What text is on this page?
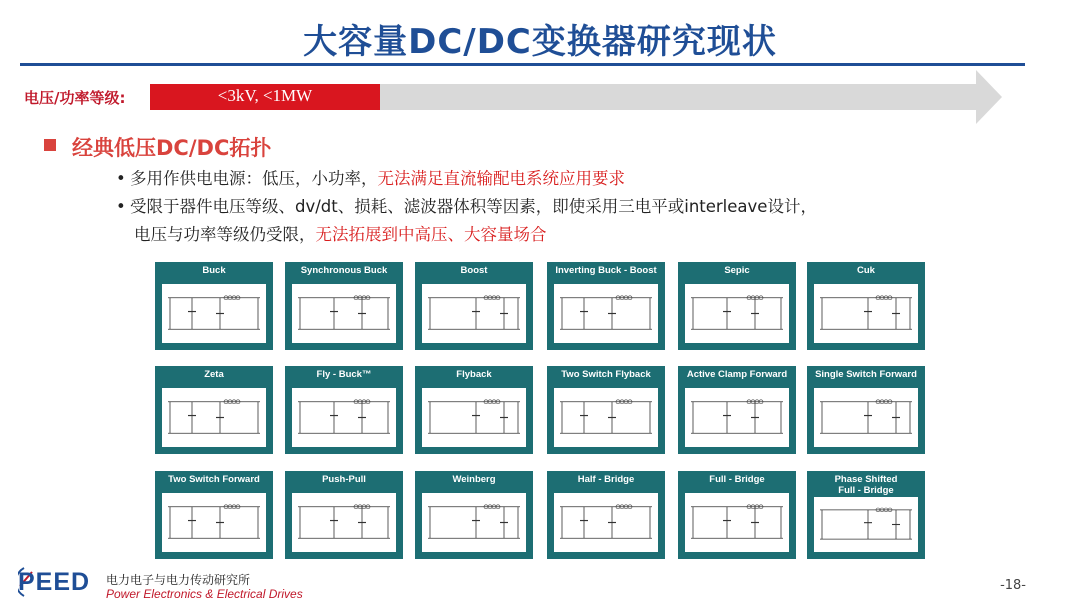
大容量DC/DC变换器研究现状
电压/功率等级:	<3kV, <1MW
经典低压DC/DC拓扑
• 多用作供电电源：低压，小功率，无法满足直流输配电系统应用要求
• 受限于器件电压等级、dv/dt、损耗、滤波器体积等因素，即使采用三电平或interleave设计，
电压与功率等级仍受限，无法拓展到中高压、大容量场合
Buck	Synchronous Buck	Boost	Inverting Buck - Boost	Sepic	Cuk
Zeta	Fly - Buck™	Flyback	Two Switch Flyback	Active Clamp Forward	Single Switch Forward
Two Switch Forward	Push-Pull	Weinberg	Half - Bridge	Full - Bridge	Phase Shifted
Full - Bridge
PEED 电力电子与电力传动研究所
Power Electronics & Electrical Drives
-18-
